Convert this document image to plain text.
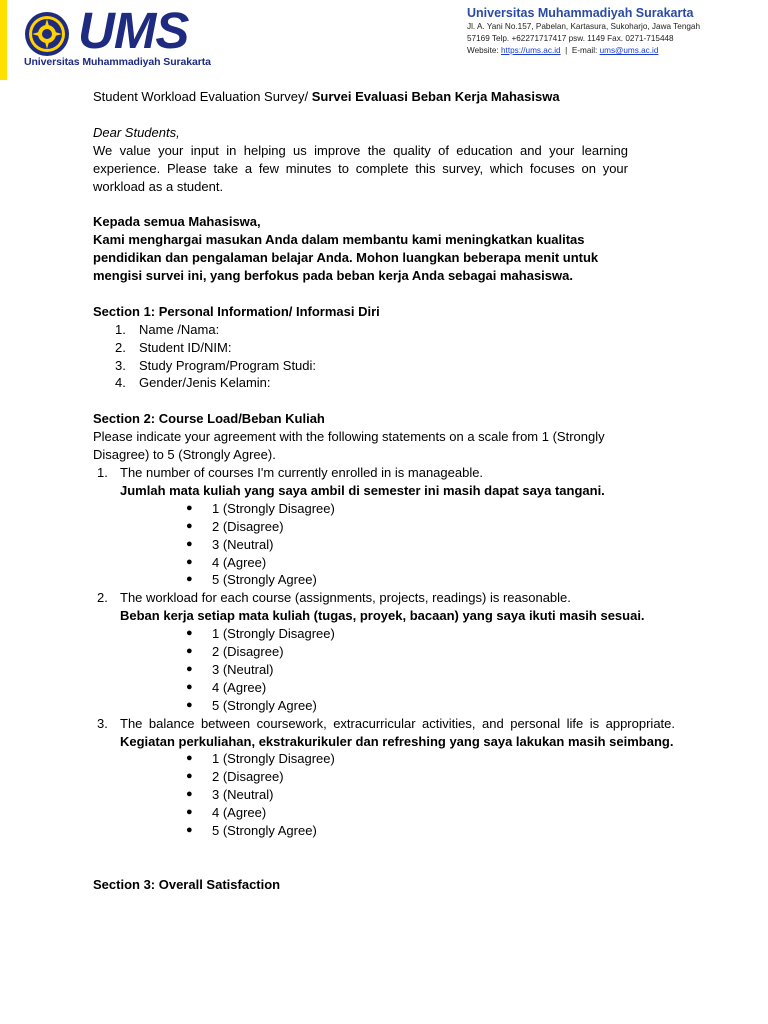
UMS
Universitas Muhammadiyah Surakarta
Universitas Muhammadiyah Surakarta
Jl. A. Yani No.157, Pabelan, Kartasura, Sukoharjo, Jawa Tengah
57169 Telp. +62271717417 psw. 1149 Fax. 0271-715448
Website: https://ums.ac.id  |  E-mail: ums@ums.ac.id

Student Workload Evaluation Survey/ Survei Evaluasi Beban Kerja Mahasiswa

Dear Students,

We value your input in helping us improve the quality of education and your learning experience. Please take a few minutes to complete this survey, which focuses on your workload as a student.

Kepada semua Mahasiswa,

Kami menghargai masukan Anda dalam membantu kami meningkatkan kualitas

pendidikan dan pengalaman belajar Anda. Mohon luangkan beberapa menit untuk

mengisi survei ini, yang berfokus pada beban kerja Anda sebagai mahasiswa.

Section 1: Personal Information/ Informasi Diri

1. Name /Nama:
2. Student ID/NIM:
3. Study Program/Program Studi:
4. Gender/Jenis Kelamin:

Section 2: Course Load/Beban Kuliah

Please indicate your agreement with the following statements on a scale from 1 (Strongly Disagree) to 5 (Strongly Agree).

1. The number of courses I'm currently enrolled in is manageable.

Jumlah mata kuliah yang saya ambil di semester ini masih dapat saya tangani.

● 1 (Strongly Disagree)
● 2 (Disagree)
● 3 (Neutral)
● 4 (Agree)
● 5 (Strongly Agree)
2. The workload for each course (assignments, projects, readings) is reasonable.

Beban kerja setiap mata kuliah (tugas, proyek, bacaan) yang saya ikuti masih sesuai.

● 1 (Strongly Disagree)
● 2 (Disagree)
● 3 (Neutral)
● 4 (Agree)
● 5 (Strongly Agree)
3. The balance between coursework, extracurricular activities, and personal life is appropriate. Kegiatan perkuliahan, ekstrakurikuler dan refreshing yang saya lakukan masih seimbang.

● 1 (Strongly Disagree)
● 2 (Disagree)
● 3 (Neutral)
● 4 (Agree)
● 5 (Strongly Agree)

Section 3: Overall Satisfaction
